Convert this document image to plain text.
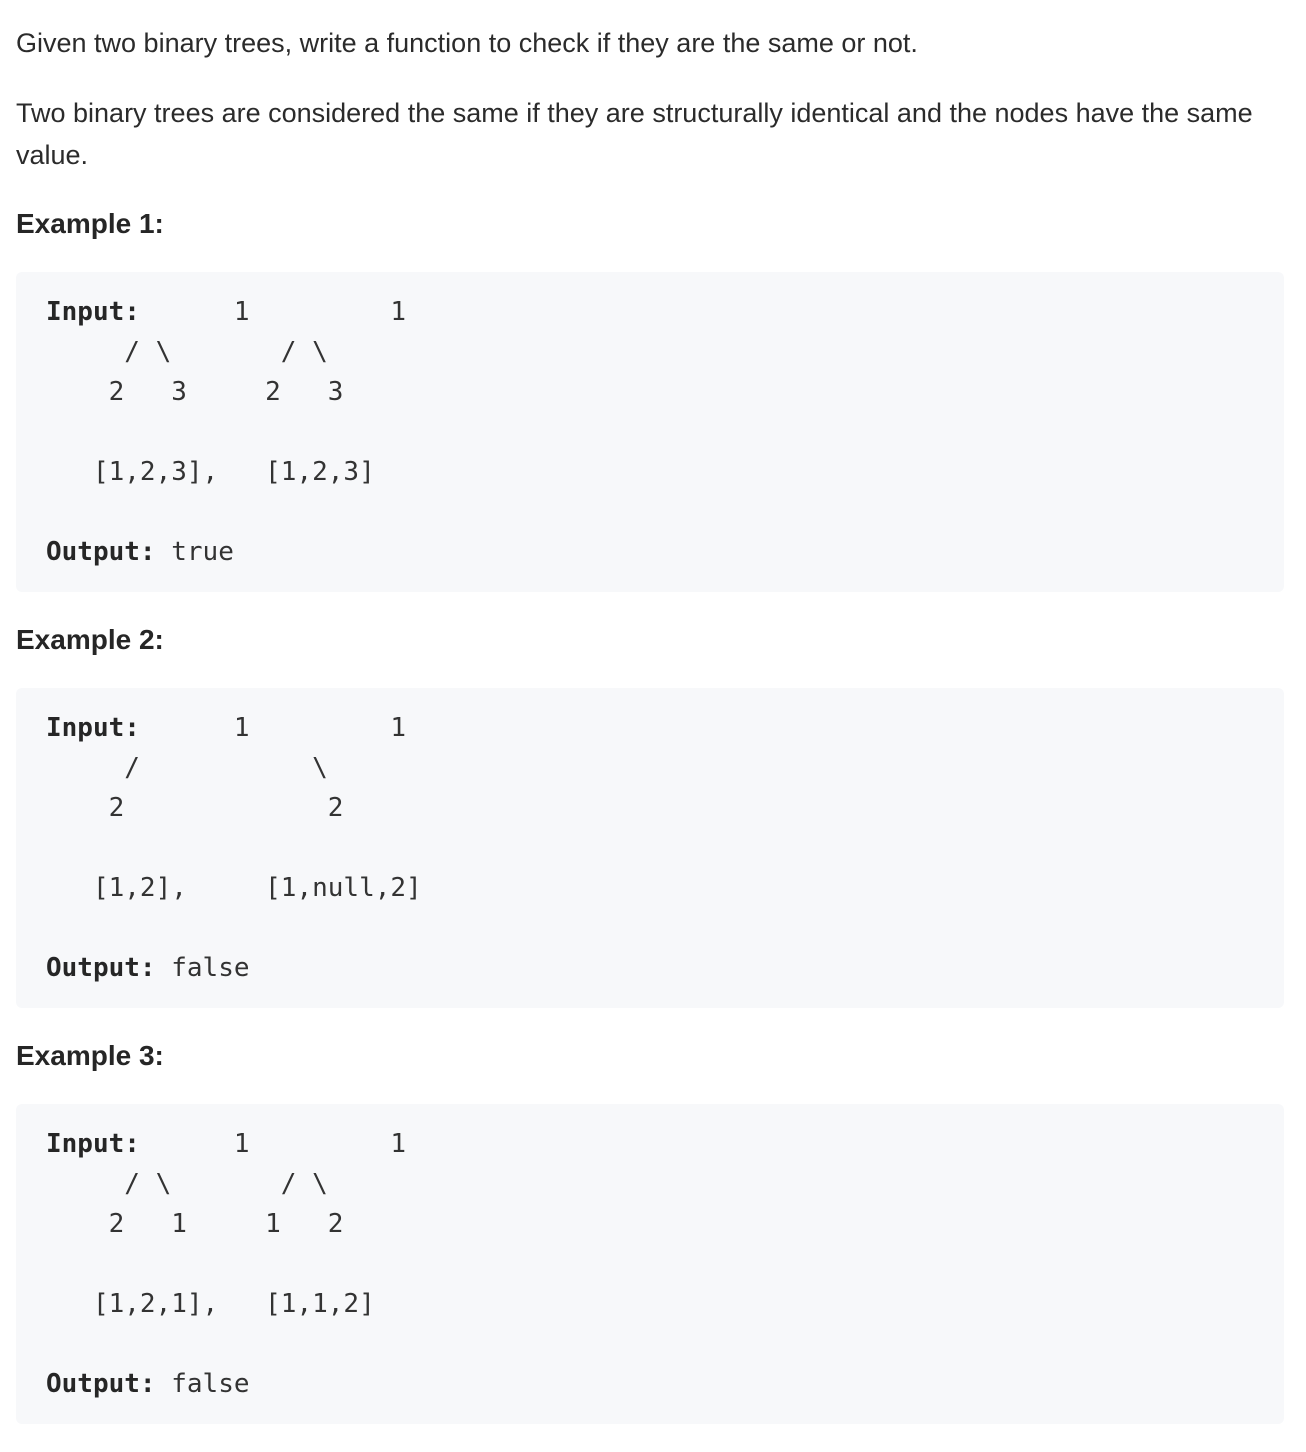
Given two binary trees, write a function to check if they are the same or not.

Two binary trees are considered the same if they are structurally identical and the nodes have the same value.

Example 1:
Input:	1         1
/ \       / \
2   3     2   3

[1,2,3],   [1,2,3]

Output: true
Example 2:
Input:	1         1
/           \
2             2

[1,2],     [1,null,2]

Output: false
Example 3:
Input:	1         1
/ \       / \
2   1     1   2

[1,2,1],   [1,1,2]

Output: false
